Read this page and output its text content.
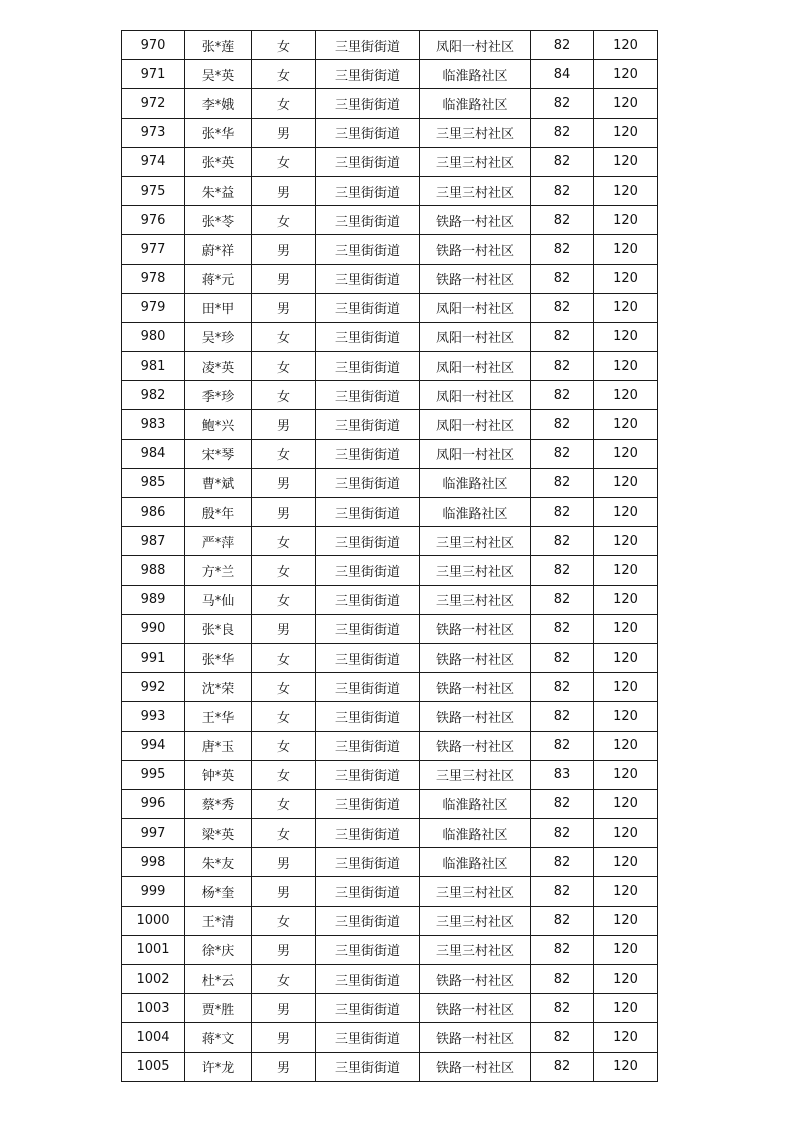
970	张*莲	女	三里街街道	凤阳一村社区	82	120
971	吴*英	女	三里街街道	临淮路社区	84	120
972	李*娥	女	三里街街道	临淮路社区	82	120
973	张*华	男	三里街街道	三里三村社区	82	120
974	张*英	女	三里街街道	三里三村社区	82	120
975	朱*益	男	三里街街道	三里三村社区	82	120
976	张*苓	女	三里街街道	铁路一村社区	82	120
977	蔚*祥	男	三里街街道	铁路一村社区	82	120
978	蒋*元	男	三里街街道	铁路一村社区	82	120
979	田*甲	男	三里街街道	凤阳一村社区	82	120
980	吴*珍	女	三里街街道	凤阳一村社区	82	120
981	凌*英	女	三里街街道	凤阳一村社区	82	120
982	季*珍	女	三里街街道	凤阳一村社区	82	120
983	鲍*兴	男	三里街街道	凤阳一村社区	82	120
984	宋*琴	女	三里街街道	凤阳一村社区	82	120
985	曹*斌	男	三里街街道	临淮路社区	82	120
986	殷*年	男	三里街街道	临淮路社区	82	120
987	严*萍	女	三里街街道	三里三村社区	82	120
988	方*兰	女	三里街街道	三里三村社区	82	120
989	马*仙	女	三里街街道	三里三村社区	82	120
990	张*良	男	三里街街道	铁路一村社区	82	120
991	张*华	女	三里街街道	铁路一村社区	82	120
992	沈*荣	女	三里街街道	铁路一村社区	82	120
993	王*华	女	三里街街道	铁路一村社区	82	120
994	唐*玉	女	三里街街道	铁路一村社区	82	120
995	钟*英	女	三里街街道	三里三村社区	83	120
996	蔡*秀	女	三里街街道	临淮路社区	82	120
997	梁*英	女	三里街街道	临淮路社区	82	120
998	朱*友	男	三里街街道	临淮路社区	82	120
999	杨*奎	男	三里街街道	三里三村社区	82	120
1000	王*清	女	三里街街道	三里三村社区	82	120
1001	徐*庆	男	三里街街道	三里三村社区	82	120
1002	杜*云	女	三里街街道	铁路一村社区	82	120
1003	贾*胜	男	三里街街道	铁路一村社区	82	120
1004	蒋*文	男	三里街街道	铁路一村社区	82	120
1005	许*龙	男	三里街街道	铁路一村社区	82	120
